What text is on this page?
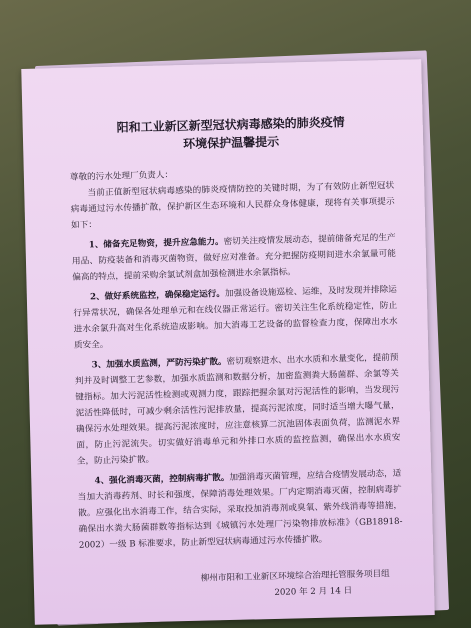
阳和工业新区新型冠状病毒感染的肺炎疫情
环境保护温馨提示
尊敬的污水处理厂负责人：

当前正值新型冠状病毒感染的肺炎疫情防控的关键时期，为了有效防止新型冠状病毒通过污水传播扩散，保护新区生态环境和人民群众身体健康，现将有关事项提示如下：

1、储备充足物资，提升应急能力。密切关注疫情发展动态，提前储备充足的生产用品、防疫装备和消毒灭菌物资，做好应对准备。充分把握防疫期间进水余氯量可能偏高的特点，提前采购余氯试剂盒加强检测进水余氯指标。

2、做好系统监控，确保稳定运行。加强设备设施巡检、运维，及时发现并排除运行异常状况，确保各处理单元和在线仪器正常运行。密切关注生化系统稳定性，防止进水余氯升高对生化系统造成影响。加大消毒工艺设备的监督检查力度，保障出水水质安全。

3、加强水质监测，严防污染扩散。密切观察进水、出水水质和水量变化，提前预判并及时调整工艺参数，加强水质监测和数据分析，加密监测粪大肠菌群、余氯等关键指标。加大污泥活性检测或观测力度，跟踪把握余氯对污泥活性的影响，当发现污泥活性降低时，可减少剩余活性污泥排放量，提高污泥浓度，同时适当增大曝气量，确保污水处理效果。提高污泥浓度时，应注意核算二沉池固体表面负荷，监测泥水界面，防止污泥流失。切实做好消毒单元和外排口水质的监控监测，确保出水水质安全，防止污染扩散。

4、强化消毒灭菌，控制病毒扩散。加强消毒灭菌管理，应结合疫情发展动态，适当加大消毒药剂、时长和强度，保障消毒处理效果。厂内定期消毒灭菌，控制病毒扩散。应强化出水消毒工作，结合实际，采取投加消毒剂或臭氧、紫外线消毒等措施，确保出水粪大肠菌群数等指标达到《城镇污水处理厂污染物排放标准》（GB18918-2002）一级 B 标准要求，防止新型冠状病毒通过污水传播扩散。

柳州市阳和工业新区环境综合治理托管服务项目组
2020 年 2 月 14 日
